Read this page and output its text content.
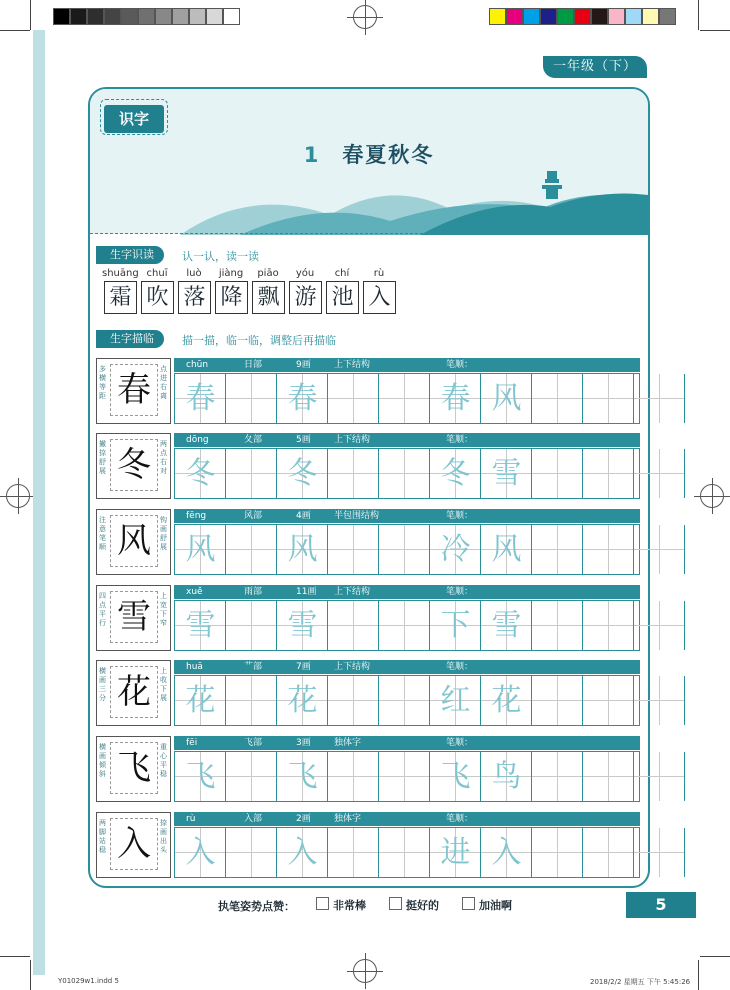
一年级（下）
识字
1 春夏秋冬
生字识读	认一认，读一读
shuāng chuī	luò	jiàng	piāo	yóu	chí	rù
霜 吹 落 降 飘 游 池 入
生字描临	描一描，临一临，调整后再描临
多横等距 春
点进右离
chūn	日部	9画	上下结构	笔顺：
春	春	春 风
撇捺舒展 冬
两点右对
dōng	夂部	5画	上下结构	笔顺：
冬	冬	冬 雪
注意笔顺 风
钩画舒展
fēng	风部	4画	半包围结构	笔顺：
风	风	冷 风
四点平行 雪
上宽下窄
xuě	雨部	11画 上下结构	笔顺：
雪	雪	下 雪
横画三分 花
上收下展
huā	艹部	7画	上下结构	笔顺：
花	花	红 花
横画倾斜 飞
重心平稳
fēi	飞部	3画	独体字	笔顺：
飞	飞	飞 鸟
两脚站稳 入
捺画出头
rù	入部	2画	独体字	笔顺：
入	入	进 入
执笔姿势点赞：	非常棒	挺好的	加油啊	5
Y01029w1.indd 5	2018/2/2 星期五 下午 5:45:26
